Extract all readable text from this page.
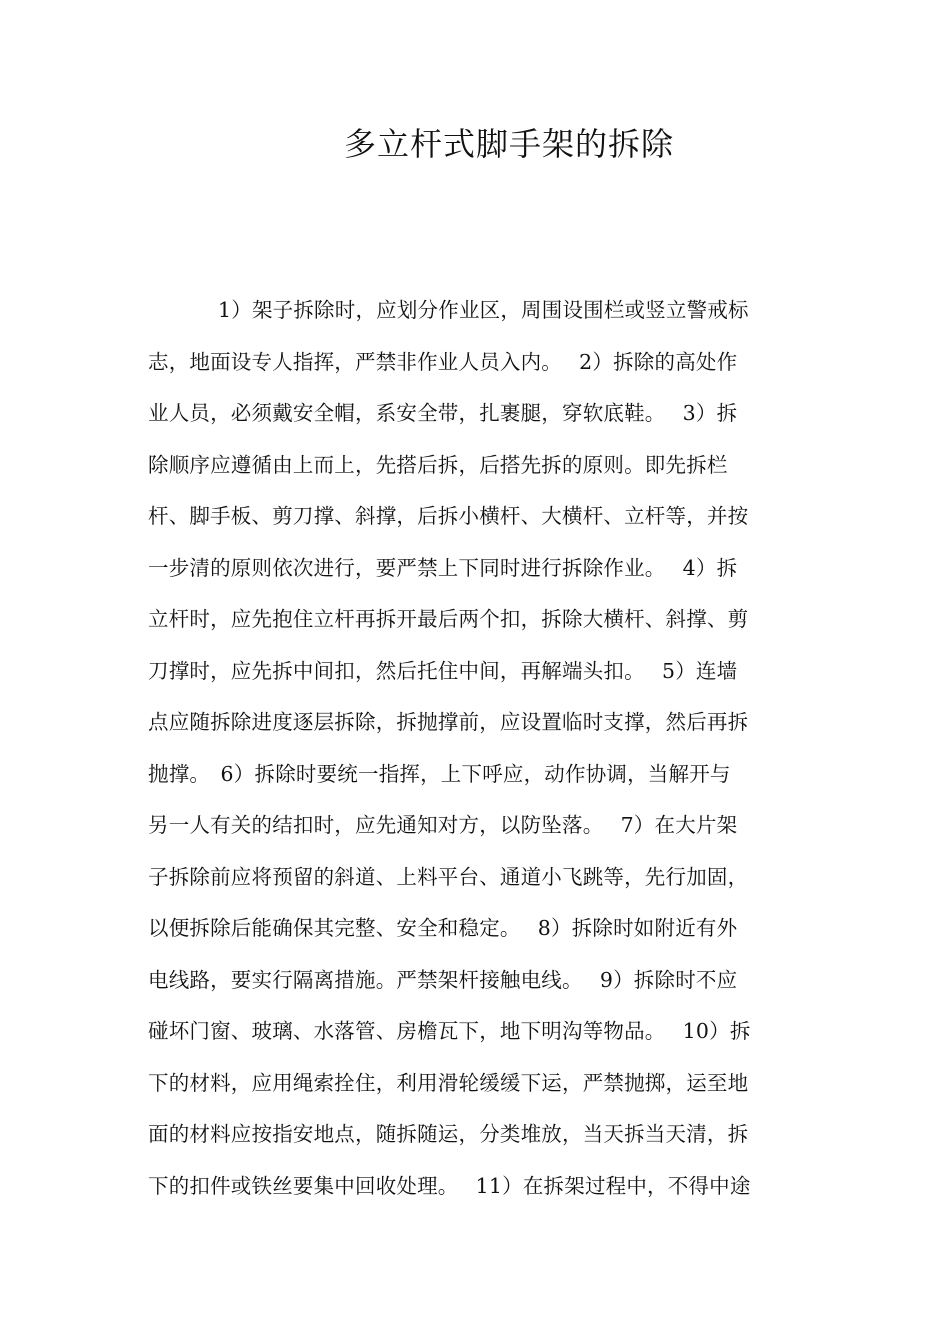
多立杆式脚手架的拆除
1）架子拆除时，应划分作业区，周围设围栏或竖立警戒标
志，地面设专人指挥，严禁非作业人员入内。　 2）拆除的高处作
业人员，必须戴安全帽，系安全带，扎裹腿，穿软底鞋。　 3）拆
除顺序应遵循由上而上，先搭后拆，后搭先拆的原则。即先拆栏
杆、脚手板、剪刀撑、斜撑，后拆小横杆、大横杆、立杆等，并按
一步清的原则依次进行，要严禁上下同时进行拆除作业。　 4）拆
立杆时，应先抱住立杆再拆开最后两个扣，拆除大横杆、斜撑、剪
刀撑时，应先拆中间扣，然后托住中间，再解端头扣。　 5）连墙
点应随拆除进度逐层拆除，拆抛撑前，应设置临时支撑，然后再拆
抛撑。　6）拆除时要统一指挥，上下呼应，动作协调，当解开与
另一人有关的结扣时，应先通知对方，以防坠落。　 7）在大片架
子拆除前应将预留的斜道、上料平台、通道小飞跳等，先行加固，
以便拆除后能确保其完整、安全和稳定。　 8）拆除时如附近有外
电线路，要实行隔离措施。严禁架杆接触电线。　 9）拆除时不应
碰坏门窗、玻璃、水落管、房檐瓦下，地下明沟等物品。　 10）拆
下的材料，应用绳索拴住，利用滑轮缓缓下运，严禁抛掷，运至地
面的材料应按指安地点，随拆随运，分类堆放，当天拆当天清，拆
下的扣件或铁丝要集中回收处理。　 11）在拆架过程中，不得中途
